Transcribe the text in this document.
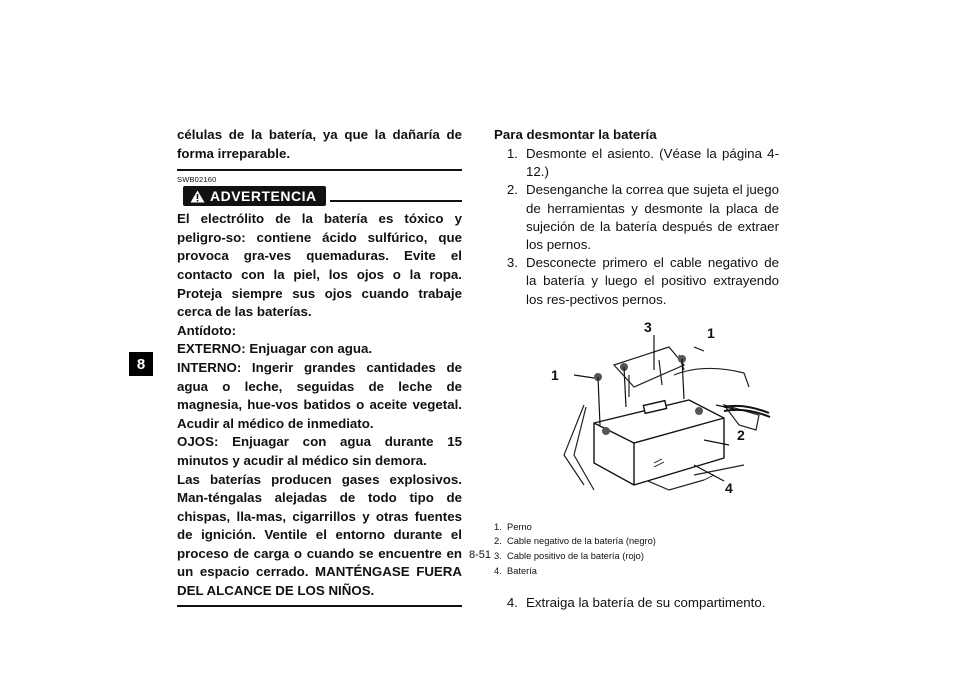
8

células de la batería, ya que la dañaría de forma irreparable.

SWB02160
ADVERTENCIA

El electrólito de la batería es tóxico y peligro-so: contiene ácido sulfúrico, que provoca gra-ves quemaduras. Evite el contacto con la piel, los ojos o la ropa. Proteja siempre sus ojos cuando trabaje cerca de las baterías.

Antídoto:

EXTERNO: Enjuagar con agua.

INTERNO: Ingerir grandes cantidades de agua o leche, seguidas de leche de magnesia, hue-vos batidos o aceite vegetal. Acudir al médico de inmediato.

OJOS: Enjuagar con agua durante 15 minutos y acudir al médico sin demora.

Las baterías producen gases explosivos. Man-téngalas alejadas de todo tipo de chispas, lla-mas, cigarrillos y otras fuentes de ignición. Ventile el entorno durante el proceso de carga o cuando se encuentre en un espacio cerrado. MANTÉNGASE FUERA DEL ALCANCE DE LOS NIÑOS.

Para desmontar la batería

1. Desmonte el asiento. (Véase la página 4-12.)
2. Desenganche la correa que sujeta el juego de herramientas y desmonte la placa de sujeción de la batería después de extraer los pernos.
3. Desconecte primero el cable negativo de la batería y luego el positivo extrayendo los res-pectivos pernos.
3	1
1
2
4
1. Perno
2. Cable negativo de la batería (negro)
3. Cable positivo de la batería (rojo)
4. Batería
4. Extraiga la batería de su compartimento.
8-51
